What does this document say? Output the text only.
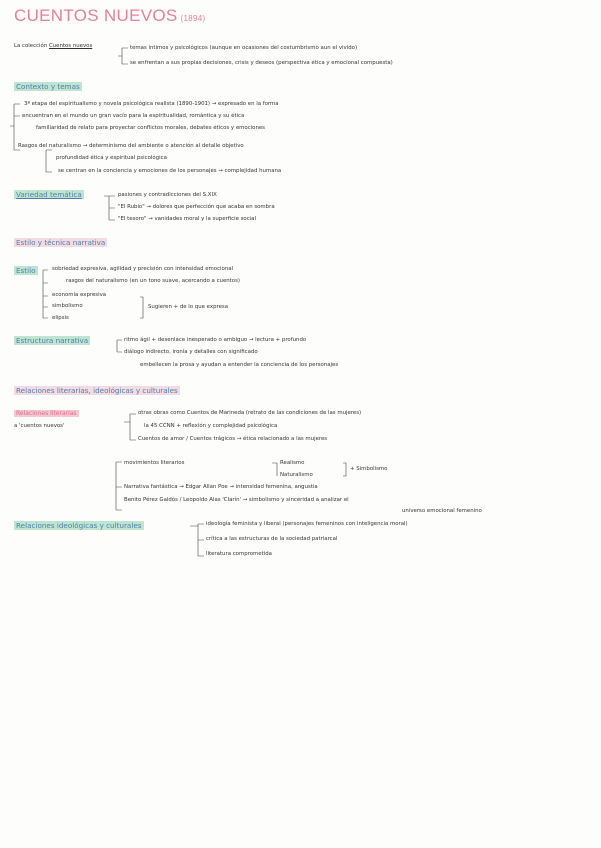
CUENTOS NUEVOS (1894)
La colección Cuentos nuevos	temas íntimos y psicológicos (aunque en ocasiones del costumbrismo aun el vivido)
se enfrentan a sus propias decisiones, crisis y deseos (perspectiva ética y emocional compuesta)
Contexto y temas
3ª etapa del espiritualismo y novela psicológica realista (1890-1901) → expresado en la forma
encuentran en el mundo un gran vacío para la espiritualidad, romántica y su ética
familiaridad de relato para proyectar conflictos morales, debates éticos y emociones
Rasgos del naturalismo → determinismo del ambiente o atención al detalle objetivo
profundidad ética y espiritual psicológica
se centran en la conciencia y emociones de los personajes → complejidad humana
Variedad temática	pasiones y contradicciones del S.XIX
"El Rubio" → dolores que perfección que acaba en sombra
"El tesoro" → vanidades moral y la superficie social
Estilo y técnica narrativa
Estilo	sobriedad expresiva, agilidad y precisión con intensidad emocional
rasgos del naturalismo (en un tono suave, acercando a cuentos)
economía expresiva
simbolismo
elipsis
Sugieren + de lo que expresa
Estructura narrativa	ritmo ágil + desenlace inesperado o ambiguo → lectura + profundo
diálogo indirecto, ironía y detalles con significado
embellecen la prosa y ayudan a entender la conciencia de los personajes
Relaciones literarias, ideológicas y culturales
Relaciones literarias
a 'cuentos nuevos'
otras obras como Cuentos de Marineda (retrato de las condiciones de las mujeres)
la 45 CCNN + reflexión y complejidad psicológica
Cuentos de amor / Cuentos trágicos → ética relacionado a las mujeres
movimientos literarios	Realismo
Naturalismo
+ Simbolismo
Narrativa fantástica → Edgar Allan Poe → intensidad femenina, angustia
Benito Pérez Galdós / Leopoldo Alas 'Clarín' → simbolismo y sinceridad a analizar el
universo emocional femenino
Relaciones ideológicas y culturales	ideología feminista y liberal (personajes femeninos con inteligencia moral)
crítica a las estructuras de la sociedad patriarcal
literatura comprometida
